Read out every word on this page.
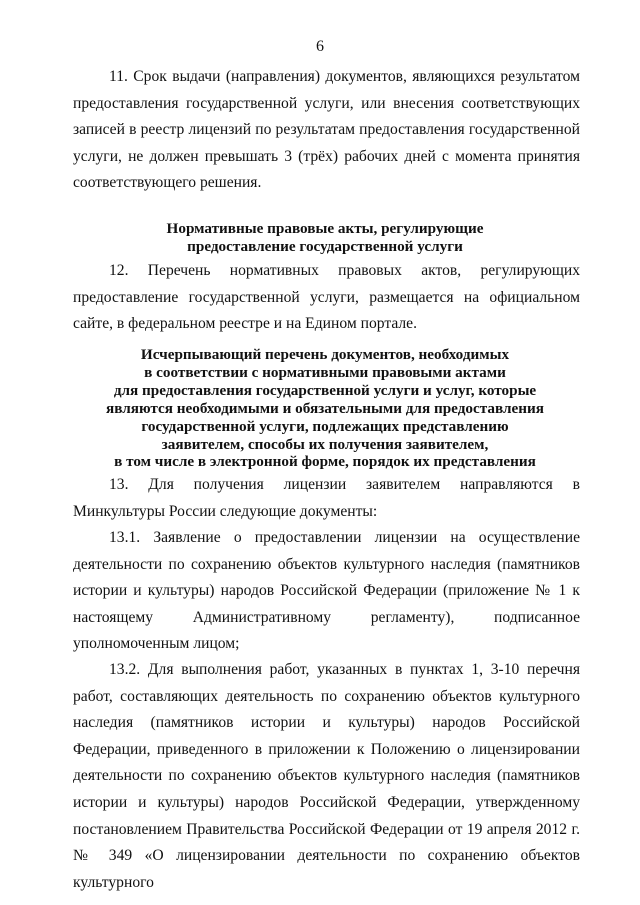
6

11. Срок выдачи (направления) документов, являющихся результатом предоставления государственной услуги, или внесения соответствующих записей в реестр лицензий по результатам предоставления государственной услуги, не должен превышать 3 (трёх) рабочих дней с момента принятия соответствующего решения.

Нормативные правовые акты, регулирующие
предоставление государственной услуги

12. Перечень нормативных правовых актов, регулирующих предоставление государственной услуги, размещается на официальном сайте, в федеральном реестре и на Едином портале.

Исчерпывающий перечень документов, необходимых
в соответствии с нормативными правовыми актами
для предоставления государственной услуги и услуг, которые
являются необходимыми и обязательными для предоставления
государственной услуги, подлежащих представлению
заявителем, способы их получения заявителем,
в том числе в электронной форме, порядок их представления

13. Для получения лицензии заявителем направляются в Минкультуры России следующие документы:

13.1. Заявление о предоставлении лицензии на осуществление деятельности по сохранению объектов культурного наследия (памятников истории и культуры) народов Российской Федерации (приложение № 1 к настоящему Административному регламенту), подписанное уполномоченным лицом;

13.2. Для выполнения работ, указанных в пунктах 1, 3-10 перечня работ, составляющих деятельность по сохранению объектов культурного наследия (памятников истории и культуры) народов Российской Федерации, приведенного в приложении к Положению о лицензировании деятельности по сохранению объектов культурного наследия (памятников истории и культуры) народов Российской Федерации, утвержденному постановлением Правительства Российской Федерации от 19 апреля 2012 г. № 349 «О лицензировании деятельности по сохранению объектов культурного
